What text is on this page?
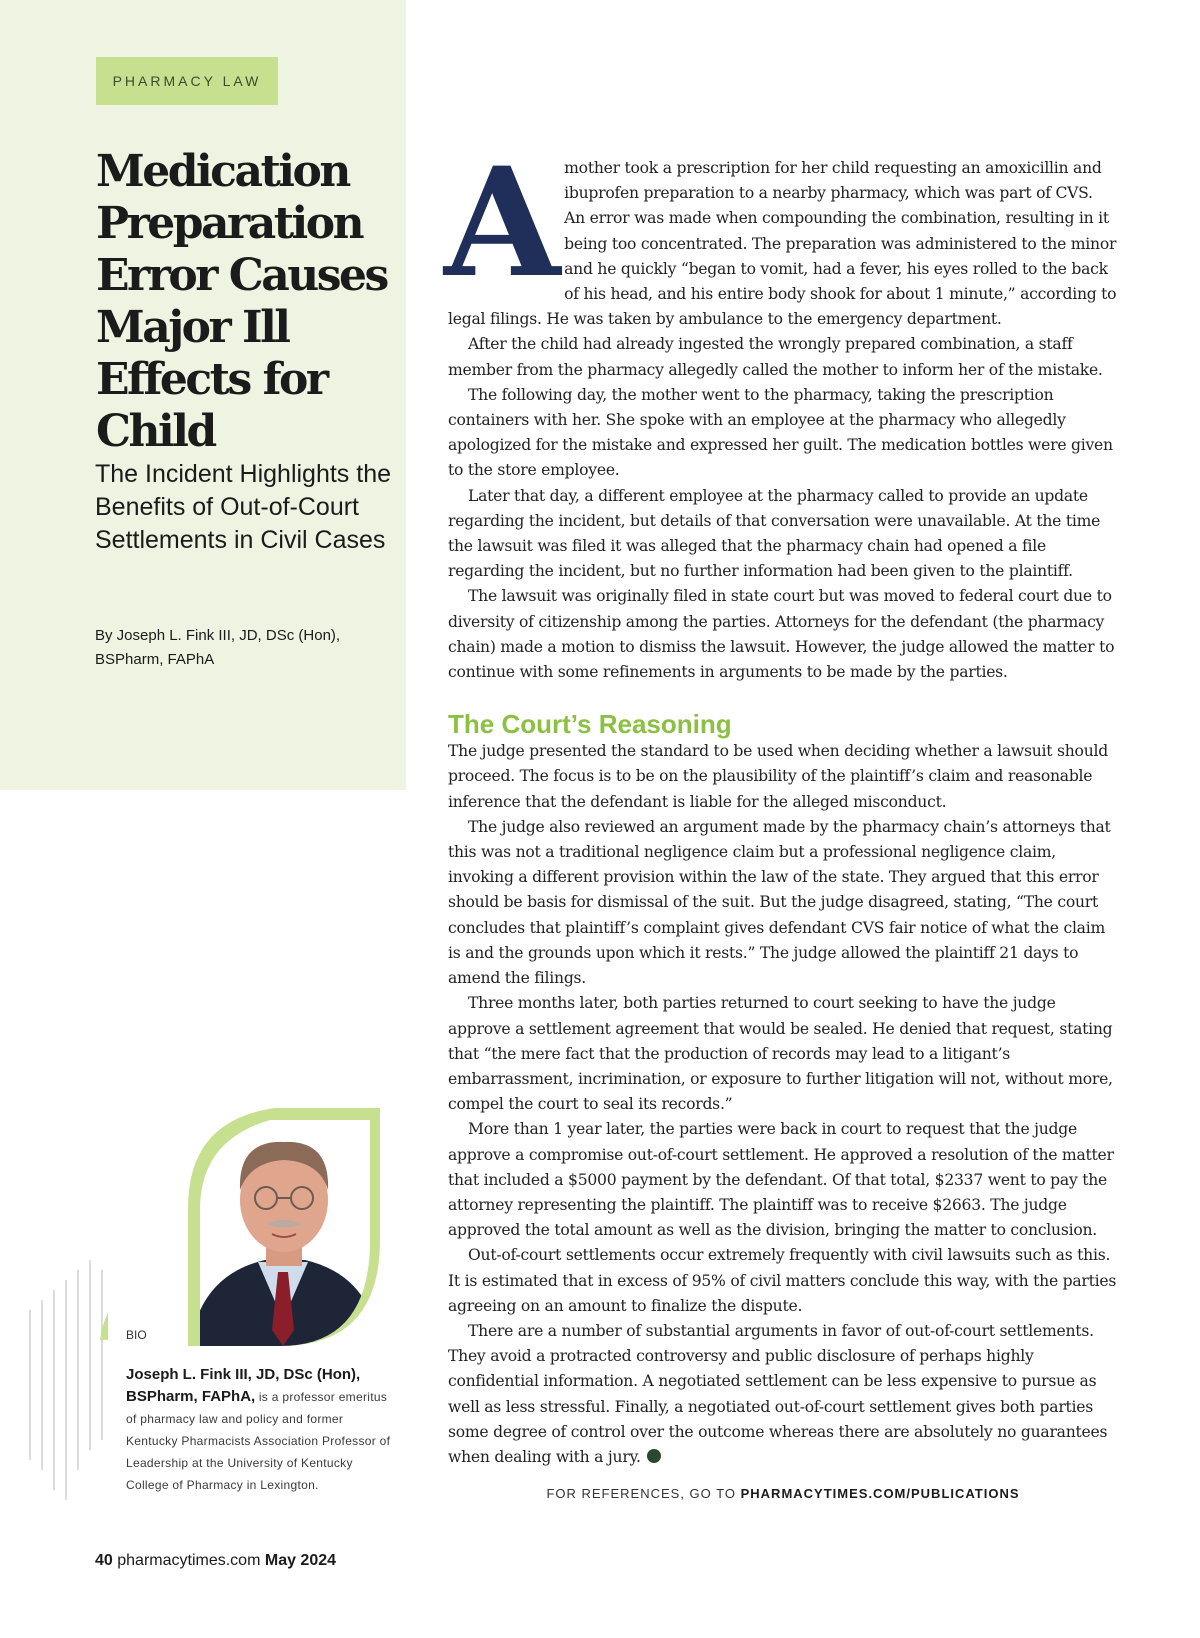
PHARMACY LAW
Medication Preparation Error Causes Major Ill Effects for Child
The Incident Highlights the Benefits of Out-of-Court Settlements in Civil Cases

By Joseph L. Fink III, JD, DSc (Hon), BSPharm, FAPhA

BIO

Joseph L. Fink III, JD, DSc (Hon), BSPharm, FAPhA, is a professor emeritus of pharmacy law and policy and former Kentucky Pharmacists Association Professor of Leadership at the University of Kentucky College of Pharmacy in Lexington.

A mother took a prescription for her child requesting an amoxicillin and ibuprofen preparation to a nearby pharmacy, which was part of CVS. An error was made when compounding the combination, resulting in it being too concentrated. The preparation was administered to the minor and he quickly “began to vomit, had a fever, his eyes rolled to the back of his head, and his entire body shook for about 1 minute,” according to legal filings. He was taken by ambulance to the emergency department.

After the child had already ingested the wrongly prepared combination, a staff member from the pharmacy allegedly called the mother to inform her of the mistake.

The following day, the mother went to the pharmacy, taking the prescription containers with her. She spoke with an employee at the pharmacy who allegedly apologized for the mistake and expressed her guilt. The medication bottles were given to the store employee.

Later that day, a different employee at the pharmacy called to provide an update regarding the incident, but details of that conversation were unavailable. At the time the lawsuit was filed it was alleged that the pharmacy chain had opened a file regarding the incident, but no further information had been given to the plaintiff.

The lawsuit was originally filed in state court but was moved to federal court due to diversity of citizenship among the parties. Attorneys for the defendant (the pharmacy chain) made a motion to dismiss the lawsuit. However, the judge allowed the matter to continue with some refinements in arguments to be made by the parties.

The Court’s Reasoning

The judge presented the standard to be used when deciding whether a lawsuit should proceed. The focus is to be on the plausibility of the plaintiff’s claim and reasonable inference that the defendant is liable for the alleged misconduct.

The judge also reviewed an argument made by the pharmacy chain’s attorneys that this was not a traditional negligence claim but a professional negligence claim, invoking a different provision within the law of the state. They argued that this error should be basis for dismissal of the suit. But the judge disagreed, stating, “The court concludes that plaintiff’s complaint gives defendant CVS fair notice of what the claim is and the grounds upon which it rests.” The judge allowed the plaintiff 21 days to amend the filings.

Three months later, both parties returned to court seeking to have the judge approve a settlement agreement that would be sealed. He denied that request, stating that “the mere fact that the production of records may lead to a litigant’s embarrassment, incrimination, or exposure to further litigation will not, without more, compel the court to seal its records.”

More than 1 year later, the parties were back in court to request that the judge approve a compromise out-of-court settlement. He approved a resolution of the matter that included a $5000 payment by the defendant. Of that total, $2337 went to pay the attorney representing the plaintiff. The plaintiff was to receive $2663. The judge approved the total amount as well as the division, bringing the matter to conclusion.

Out-of-court settlements occur extremely frequently with civil lawsuits such as this. It is estimated that in excess of 95% of civil matters conclude this way, with the parties agreeing on an amount to finalize the dispute.

There are a number of substantial arguments in favor of out-of-court settlements. They avoid a protracted controversy and public disclosure of perhaps highly confidential information. A negotiated settlement can be less expensive to pursue as well as less stressful. Finally, a negotiated out-of-court settlement gives both parties some degree of control over the outcome whereas there are absolutely no guarantees when dealing with a jury.

FOR REFERENCES, GO TO PHARMACYTIMES.COM/PUBLICATIONS
40 pharmacytimes.com May 2024
